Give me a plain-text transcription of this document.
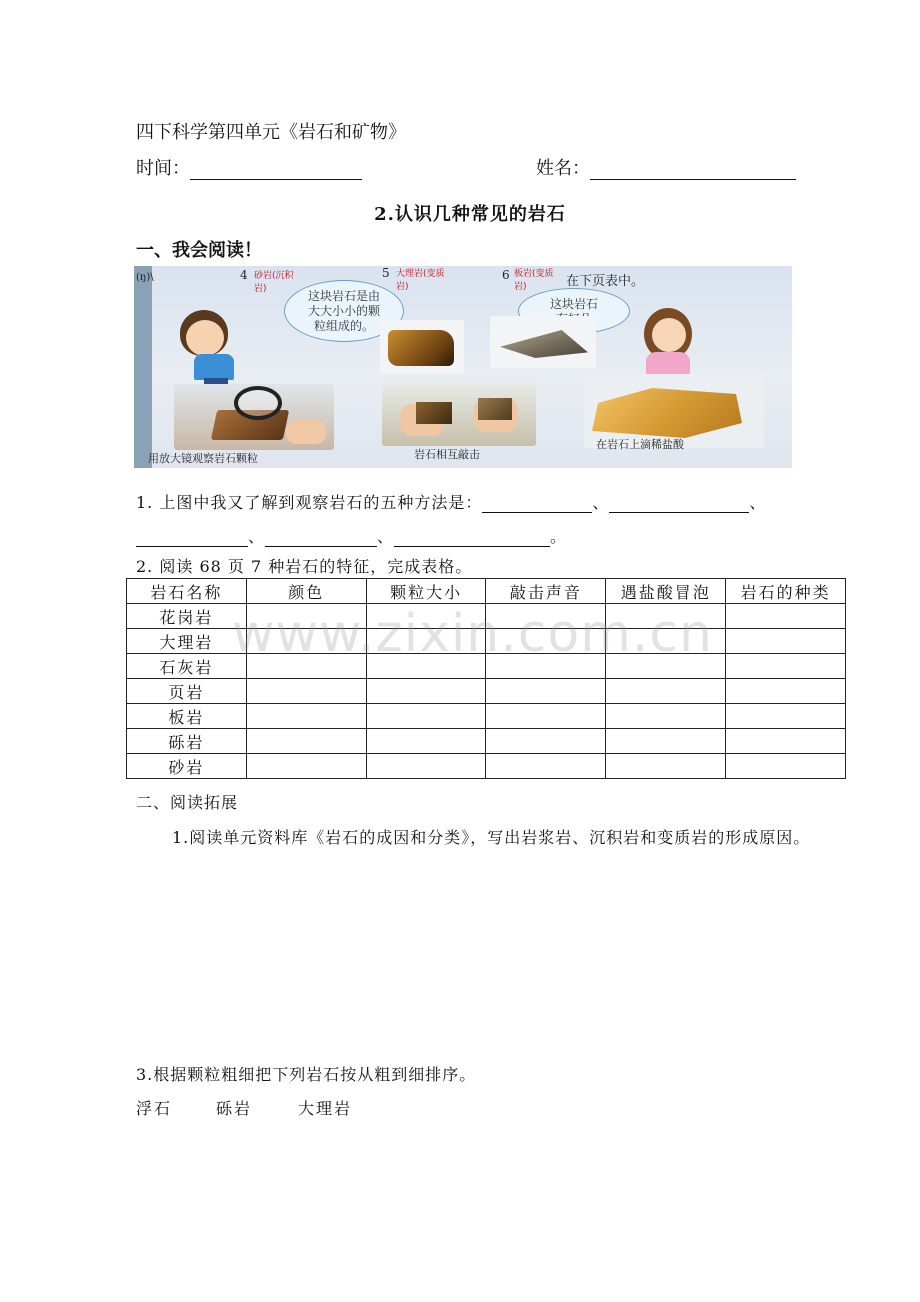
四下科学第四单元《岩石和矿物》
时间：	姓名：
2.认识几种常见的岩石
一、我会阅读！
(ŋ)\	4 砂岩(沉积岩)
5 大理岩(变质岩)
6 板岩(变质岩)	在下页表中。
这块岩石是由大大小小的颗粒组成的。
这块岩石
用放大镜观察岩石颗粒	岩石相互敲击
在岩石上滴稀盐酸
1. 上图中我又了解到观察岩石的五种方法是：	、	、
、	、	。
2. 阅读 68 页 7 种岩石的特征，完成表格。
岩石名称	颜色	颗粒大小	敲击声音	遇盐酸冒泡	岩石的种类
花岗岩					
大理岩					
石灰岩					
页岩					
板岩					
砾岩					
砂岩					
www.zixin.com.cn
二、阅读拓展
1.阅读单元资料库《岩石的成因和分类》，写出岩浆岩、沉积岩和变质岩的形成原因。
3.根据颗粒粗细把下列岩石按从粗到细排序。
浮石	砾岩	大理岩
